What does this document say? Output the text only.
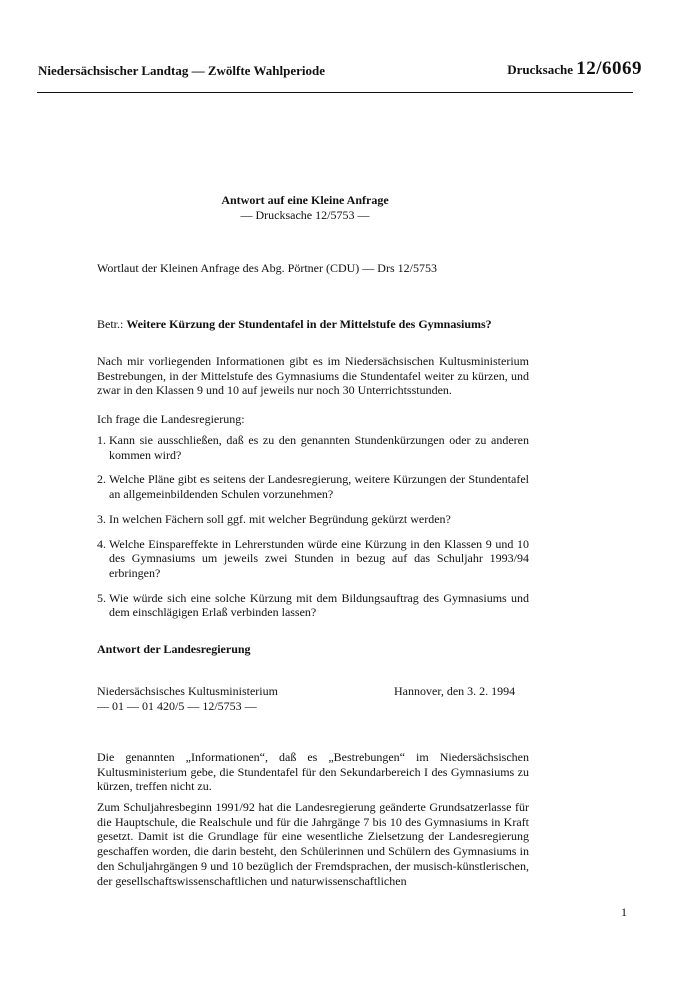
Niedersächsischer Landtag — Zwölfte Wahlperiode	Drucksache 12/6069
Antwort auf eine Kleine Anfrage
— Drucksache 12/5753 —
Wortlaut der Kleinen Anfrage des Abg. Pörtner (CDU) — Drs 12/5753
Betr.: Weitere Kürzung der Stundentafel in der Mittelstufe des Gymnasiums?
Nach mir vorliegenden Informationen gibt es im Niedersächsischen Kultusministerium Bestrebungen, in der Mittelstufe des Gymnasiums die Stundentafel weiter zu kürzen, und zwar in den Klassen 9 und 10 auf jeweils nur noch 30 Unterrichtsstunden.
Ich frage die Landesregierung:
1. Kann sie ausschließen, daß es zu den genannten Stundenkürzungen oder zu anderen kommen wird?
2. Welche Pläne gibt es seitens der Landesregierung, weitere Kürzungen der Stundentafel an allgemeinbildenden Schulen vorzunehmen?
3. In welchen Fächern soll ggf. mit welcher Begründung gekürzt werden?
4. Welche Einspareffekte in Lehrerstunden würde eine Kürzung in den Klassen 9 und 10 des Gymnasiums um jeweils zwei Stunden in bezug auf das Schuljahr 1993/94 erbringen?
5. Wie würde sich eine solche Kürzung mit dem Bildungsauftrag des Gymnasiums und dem einschlägigen Erlaß verbinden lassen?
Antwort der Landesregierung
Niedersächsisches Kultusministerium
— 01 — 01 420/5 — 12/5753 —
Hannover, den 3. 2. 1994
Die genannten „Informationen“, daß es „Bestrebungen“ im Niedersächsischen Kultusministerium gebe, die Stundentafel für den Sekundarbereich I des Gymnasiums zu kürzen, treffen nicht zu.
Zum Schuljahresbeginn 1991/92 hat die Landesregierung geänderte Grundsatzerlasse für die Hauptschule, die Realschule und für die Jahrgänge 7 bis 10 des Gymnasiums in Kraft gesetzt. Damit ist die Grundlage für eine wesentliche Zielsetzung der Landesregierung geschaffen worden, die darin besteht, den Schülerinnen und Schülern des Gymnasiums in den Schuljahrgängen 9 und 10 bezüglich der Fremdsprachen, der musisch-künstlerischen, der gesellschaftswissenschaftlichen und naturwissenschaftlichen
1
